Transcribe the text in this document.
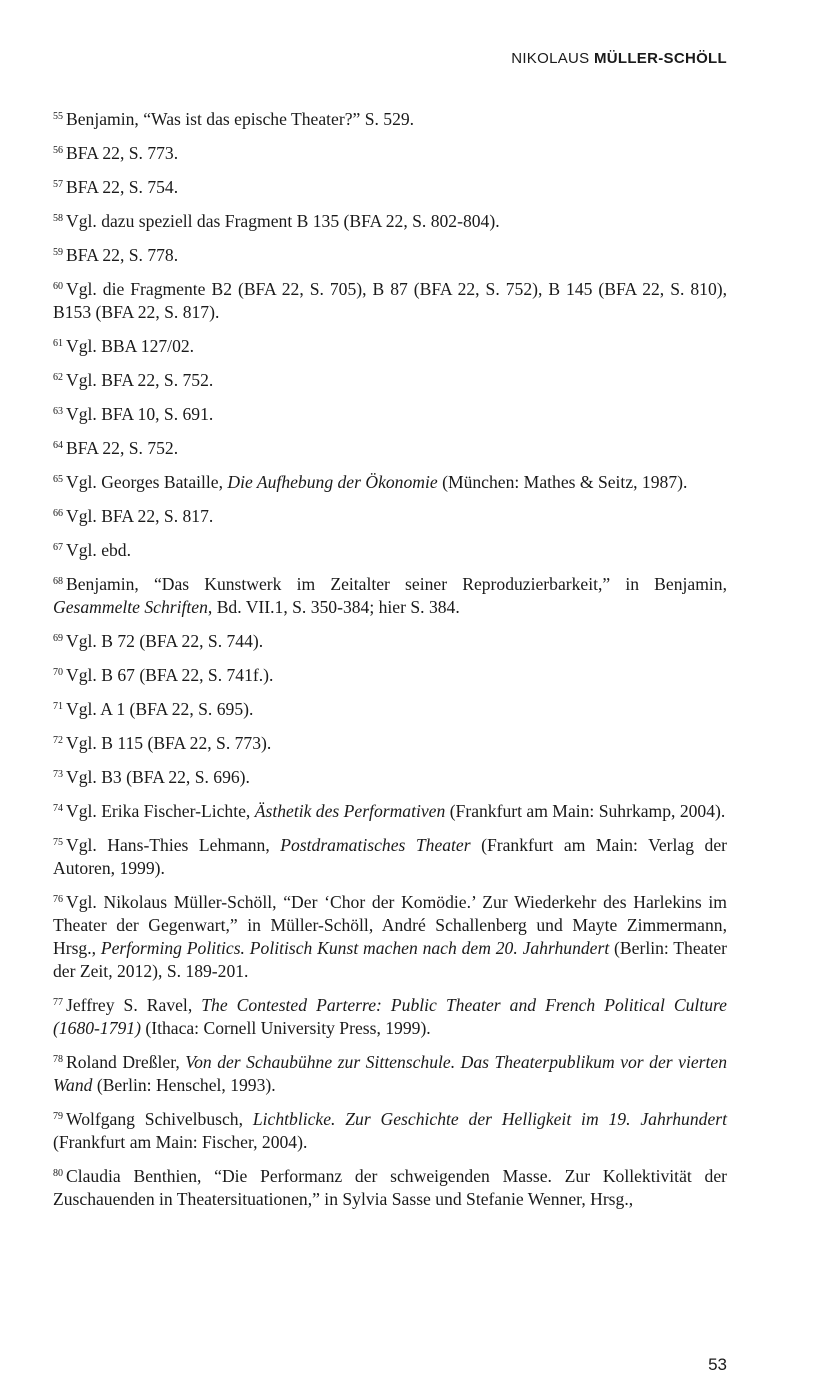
NIKOLAUS MÜLLER-SCHÖLL

$^{55}$ Benjamin, “Was ist das epische Theater?” S. 529.

$^{56}$ BFA 22, S. 773.

$^{57}$ BFA 22, S. 754.

$^{58}$ Vgl. dazu speziell das Fragment B 135 (BFA 22, S. 802-804).

$^{59}$ BFA 22, S. 778.

$^{60}$ Vgl. die Fragmente B2 (BFA 22, S. 705), B 87 (BFA 22, S. 752), B 145 (BFA 22, S. 810), B153 (BFA 22, S. 817).

$^{61}$ Vgl. BBA 127/02.

$^{62}$ Vgl. BFA 22, S. 752.

$^{63}$ Vgl. BFA 10, S. 691.

$^{64}$ BFA 22, S. 752.

$^{65}$ Vgl. Georges Bataille, Die Aufhebung der Ökonomie (München: Mathes & Seitz, 1987).

$^{66}$ Vgl. BFA 22, S. 817.

$^{67}$ Vgl. ebd.

$^{68}$ Benjamin, “Das Kunstwerk im Zeitalter seiner Reproduzierbarkeit,” in Benjamin, Gesammelte Schriften, Bd. VII.1, S. 350-384; hier S. 384.

$^{69}$ Vgl. B 72 (BFA 22, S. 744).

$^{70}$ Vgl. B 67 (BFA 22, S. 741f.).

$^{71}$ Vgl. A 1 (BFA 22, S. 695).

$^{72}$ Vgl. B 115 (BFA 22, S. 773).

$^{73}$ Vgl. B3 (BFA 22, S. 696).

$^{74}$ Vgl. Erika Fischer-Lichte, Ästhetik des Performativen (Frankfurt am Main: Suhrkamp, 2004).

$^{75}$ Vgl. Hans-Thies Lehmann, Postdramatisches Theater (Frankfurt am Main: Verlag der Autoren, 1999).

$^{76}$ Vgl. Nikolaus Müller-Schöll, “Der ‘Chor der Komödie.’ Zur Wiederkehr des Harlekins im Theater der Gegenwart,” in Müller-Schöll, André Schallenberg und Mayte Zimmermann, Hrsg., Performing Politics. Politisch Kunst machen nach dem 20. Jahrhundert (Berlin: Theater der Zeit, 2012), S. 189-201.

$^{77}$ Jeffrey S. Ravel, The Contested Parterre: Public Theater and French Political Culture (1680-1791) (Ithaca: Cornell University Press, 1999).

$^{78}$ Roland Dreßler, Von der Schaubühne zur Sittenschule. Das Theaterpublikum vor der vierten Wand (Berlin: Henschel, 1993).

$^{79}$ Wolfgang Schivelbusch, Lichtblicke. Zur Geschichte der Helligkeit im 19. Jahrhundert (Frankfurt am Main: Fischer, 2004).

$^{80}$ Claudia Benthien, “Die Performanz der schweigenden Masse. Zur Kollektivität der Zuschauenden in Theatersituationen,” in Sylvia Sasse und Stefanie Wenner, Hrsg.,

53
